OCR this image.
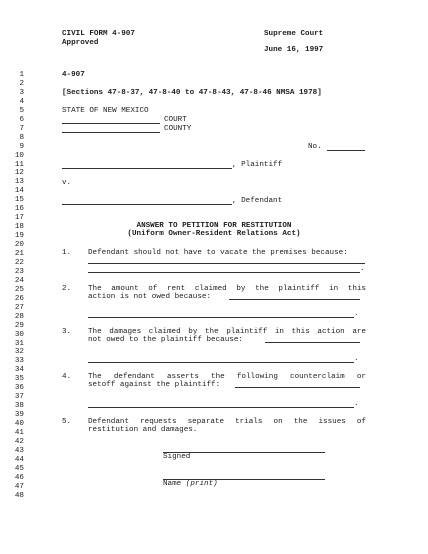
CIVIL FORM 4-907
Approved
Supreme Court
June 16, 1997
1
2
3
4
5
6
7
8
9
10
11
12
13
14
15
16
17
18
19
20
21
22
23
24
25
26
27
28
29
30
31
32
33
34
35
36
37
38
39
40
41
42
43
44
45
46
47
48
4-907
[Sections 47-8-37, 47-8-40 to 47-8-43, 47-8-46 NMSA 1978]
STATE OF NEW MEXICO
COURT
COUNTY
No.
, Plaintiff
v.
, Defendant
ANSWER TO PETITION FOR RESTITUTION
(Uniform Owner-Resident Relations Act)
1. Defendant should not have to vacate the premises because:
.
2. The amount of rent claimed by the plaintiff in this
action is not owed because:
.
3. The damages claimed by the plaintiff in this action are
not owed to the plaintiff because:
.
4. The defendant asserts the following counterclaim or
setoff against the plaintiff:
.
5. Defendant requests separate trials on the issues of
restitution and damages.
Signed
Name (print)
